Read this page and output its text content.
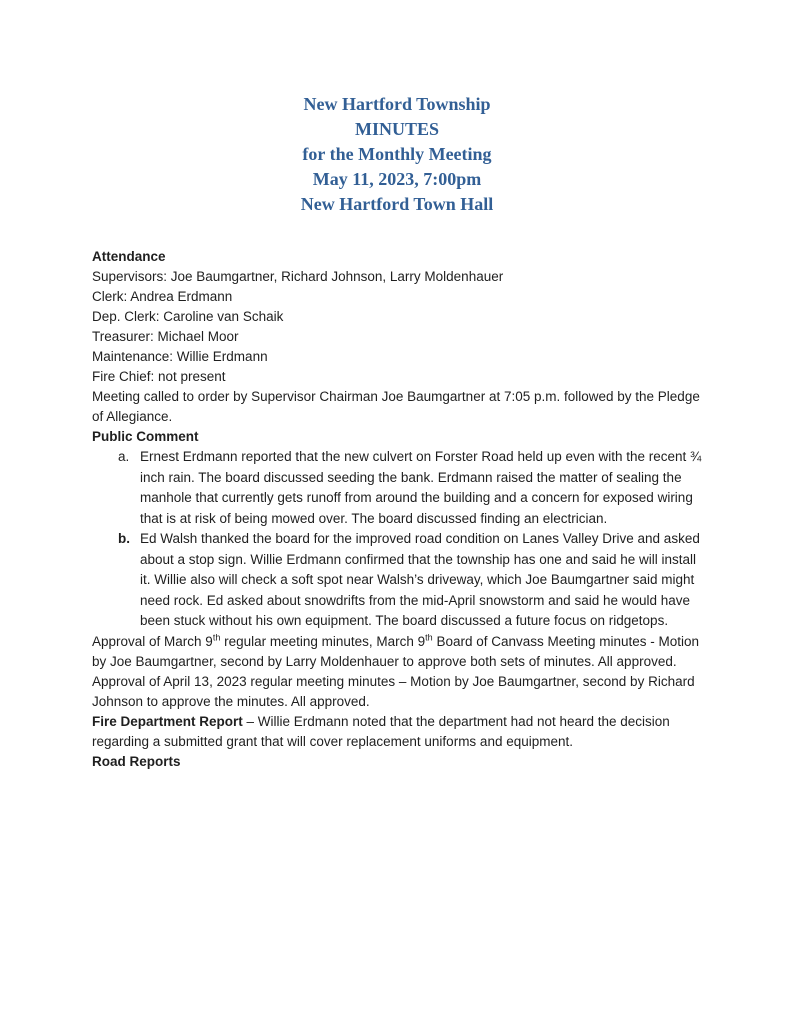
New Hartford Township
MINUTES
for the Monthly Meeting
May 11, 2023, 7:00pm
New Hartford Town Hall

Attendance

Supervisors: Joe Baumgartner, Richard Johnson, Larry Moldenhauer
Clerk: Andrea Erdmann
Dep. Clerk: Caroline van Schaik
Treasurer: Michael Moor
Maintenance: Willie Erdmann
Fire Chief: not present

Meeting called to order by Supervisor Chairman Joe Baumgartner at 7:05 p.m. followed by the Pledge of Allegiance.

Public Comment

a. Ernest Erdmann reported that the new culvert on Forster Road held up even with the recent ¾ inch rain. The board discussed seeding the bank. Erdmann raised the matter of sealing the manhole that currently gets runoff from around the building and a concern for exposed wiring that is at risk of being mowed over. The board discussed finding an electrician.
b. Ed Walsh thanked the board for the improved road condition on Lanes Valley Drive and asked about a stop sign. Willie Erdmann confirmed that the township has one and said he will install it. Willie also will check a soft spot near Walsh’s driveway, which Joe Baumgartner said might need rock. Ed asked about snowdrifts from the mid-April snowstorm and said he would have been stuck without his own equipment. The board discussed a future focus on ridgetops.

Approval of March 9th regular meeting minutes, March 9th Board of Canvass Meeting minutes - Motion by Joe Baumgartner, second by Larry Moldenhauer to approve both sets of minutes. All approved.

Approval of April 13, 2023 regular meeting minutes – Motion by Joe Baumgartner, second by Richard Johnson to approve the minutes. All approved.

Fire Department Report – Willie Erdmann noted that the department had not heard the decision regarding a submitted grant that will cover replacement uniforms and equipment.

Road Reports
